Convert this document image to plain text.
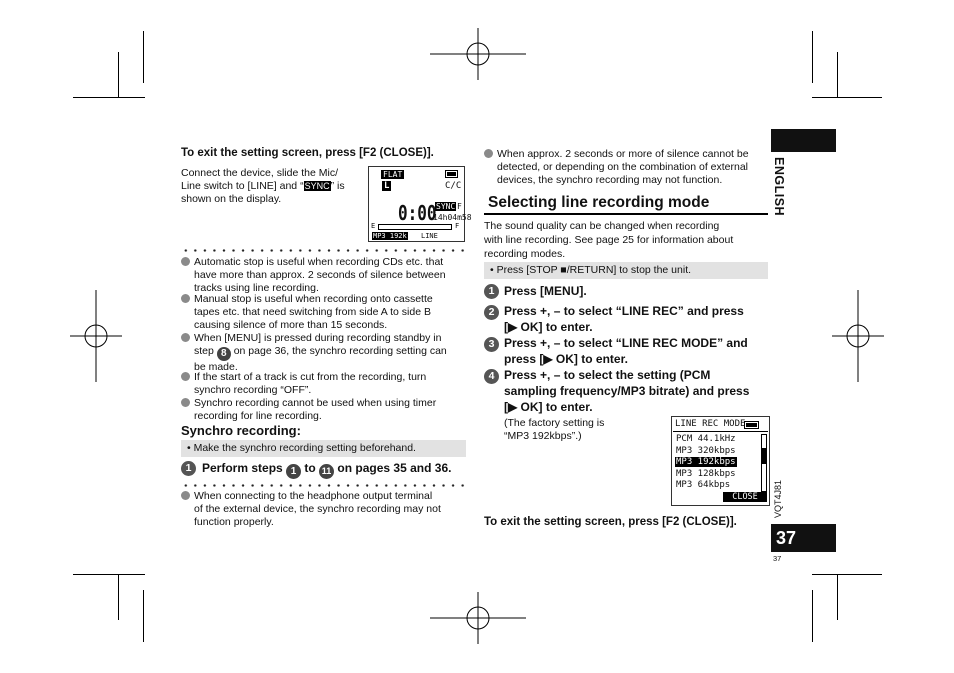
To exit the setting screen, press [F2 (CLOSE)].
Connect the device, slide the Mic/
Line switch to [LINE] and “SYNC” is
shown on the display.
FLAT
L	C/C
SYNC F
0:00
14h04m58
E	F
MP3 192k LINE
Automatic stop is useful when recording CDs etc. that
have more than approx. 2 seconds of silence between
tracks using line recording.
Manual stop is useful when recording onto cassette
tapes etc. that need switching from side A to side B
causing silence of more than 15 seconds.
When [MENU] is pressed during recording standby in
step 8 on page 36, the synchro recording setting can
be made.
If the start of a track is cut from the recording, turn
synchro recording “OFF”.
Synchro recording cannot be used when using timer
recording for line recording.
Synchro recording:
• Make the synchro recording setting beforehand.
1 Perform steps 1 to 11 on pages 35 and 36.
When connecting to the headphone output terminal
of the external device, the synchro recording may not
function properly.
When approx. 2 seconds or more of silence cannot be
detected, or depending on the combination of external
devices, the synchro recording may not function.
Selecting line recording mode
The sound quality can be changed when recording
with line recording. See page 25 for information about
recording modes.
• Press [STOP ■/RETURN] to stop the unit.
1 Press [MENU].
2 Press +, – to select “LINE REC” and press
[▶ OK] to enter.
3 Press +, – to select “LINE REC MODE” and
press [▶ OK] to enter.
4 Press +, – to select the setting (PCM
sampling frequency/MP3 bitrate) and press
[▶ OK] to enter.
(The factory setting is
“MP3 192kbps”.)
LINE REC MODE
PCM 44.1kHz
MP3 320kbps
MP3 192kbps
MP3 128kbps
MP3 64kbps
CLOSE
To exit the setting screen, press [F2 (CLOSE)].
ENGLISH
VQT4J81
37
37
